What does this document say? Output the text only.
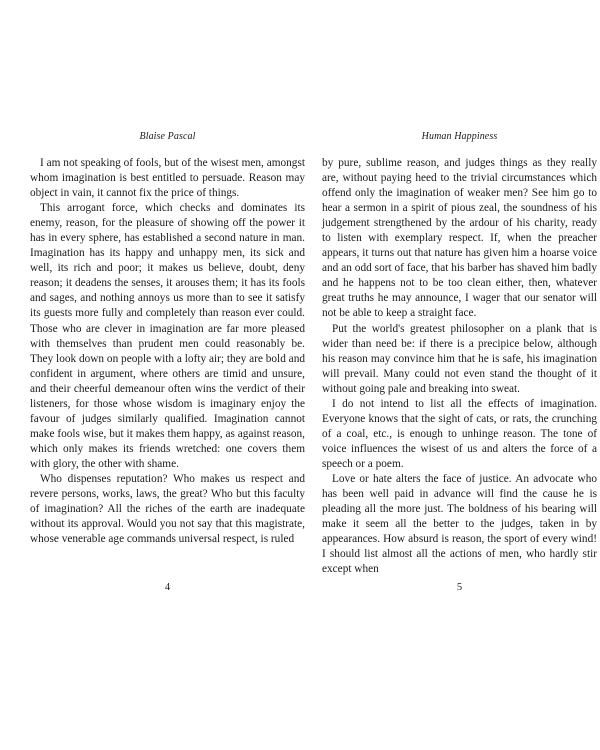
Blaise Pascal

I am not speaking of fools, but of the wisest men, amongst whom imagination is best entitled to persuade. Reason may object in vain, it cannot fix the price of things.

This arrogant force, which checks and dominates its enemy, reason, for the pleasure of showing off the power it has in every sphere, has established a second nature in man. Imagination has its happy and unhappy men, its sick and well, its rich and poor; it makes us believe, doubt, deny reason; it deadens the senses, it arouses them; it has its fools and sages, and nothing annoys us more than to see it satisfy its guests more fully and completely than reason ever could. Those who are clever in imagination are far more pleased with themselves than prudent men could reasonably be. They look down on people with a lofty air; they are bold and confident in argument, where others are timid and unsure, and their cheerful demeanour often wins the verdict of their listeners, for those whose wisdom is imaginary enjoy the favour of judges similarly qualified. Imagination cannot make fools wise, but it makes them happy, as against reason, which only makes its friends wretched: one covers them with glory, the other with shame.

Who dispenses reputation? Who makes us respect and revere persons, works, laws, the great? Who but this faculty of imagination? All the riches of the earth are inadequate without its approval. Would you not say that this magistrate, whose venerable age commands universal respect, is ruled

4
Human Happiness

by pure, sublime reason, and judges things as they really are, without paying heed to the trivial circumstances which offend only the imagination of weaker men? See him go to hear a sermon in a spirit of pious zeal, the soundness of his judgement strengthened by the ardour of his charity, ready to listen with exemplary respect. If, when the preacher appears, it turns out that nature has given him a hoarse voice and an odd sort of face, that his barber has shaved him badly and he happens not to be too clean either, then, whatever great truths he may announce, I wager that our senator will not be able to keep a straight face.

Put the world's greatest philosopher on a plank that is wider than need be: if there is a precipice below, although his reason may convince him that he is safe, his imagination will prevail. Many could not even stand the thought of it without going pale and breaking into sweat.

I do not intend to list all the effects of imagination. Everyone knows that the sight of cats, or rats, the crunching of a coal, etc., is enough to unhinge reason. The tone of voice influences the wisest of us and alters the force of a speech or a poem.

Love or hate alters the face of justice. An advocate who has been well paid in advance will find the cause he is pleading all the more just. The boldness of his bearing will make it seem all the better to the judges, taken in by appearances. How absurd is reason, the sport of every wind! I should list almost all the actions of men, who hardly stir except when

5
